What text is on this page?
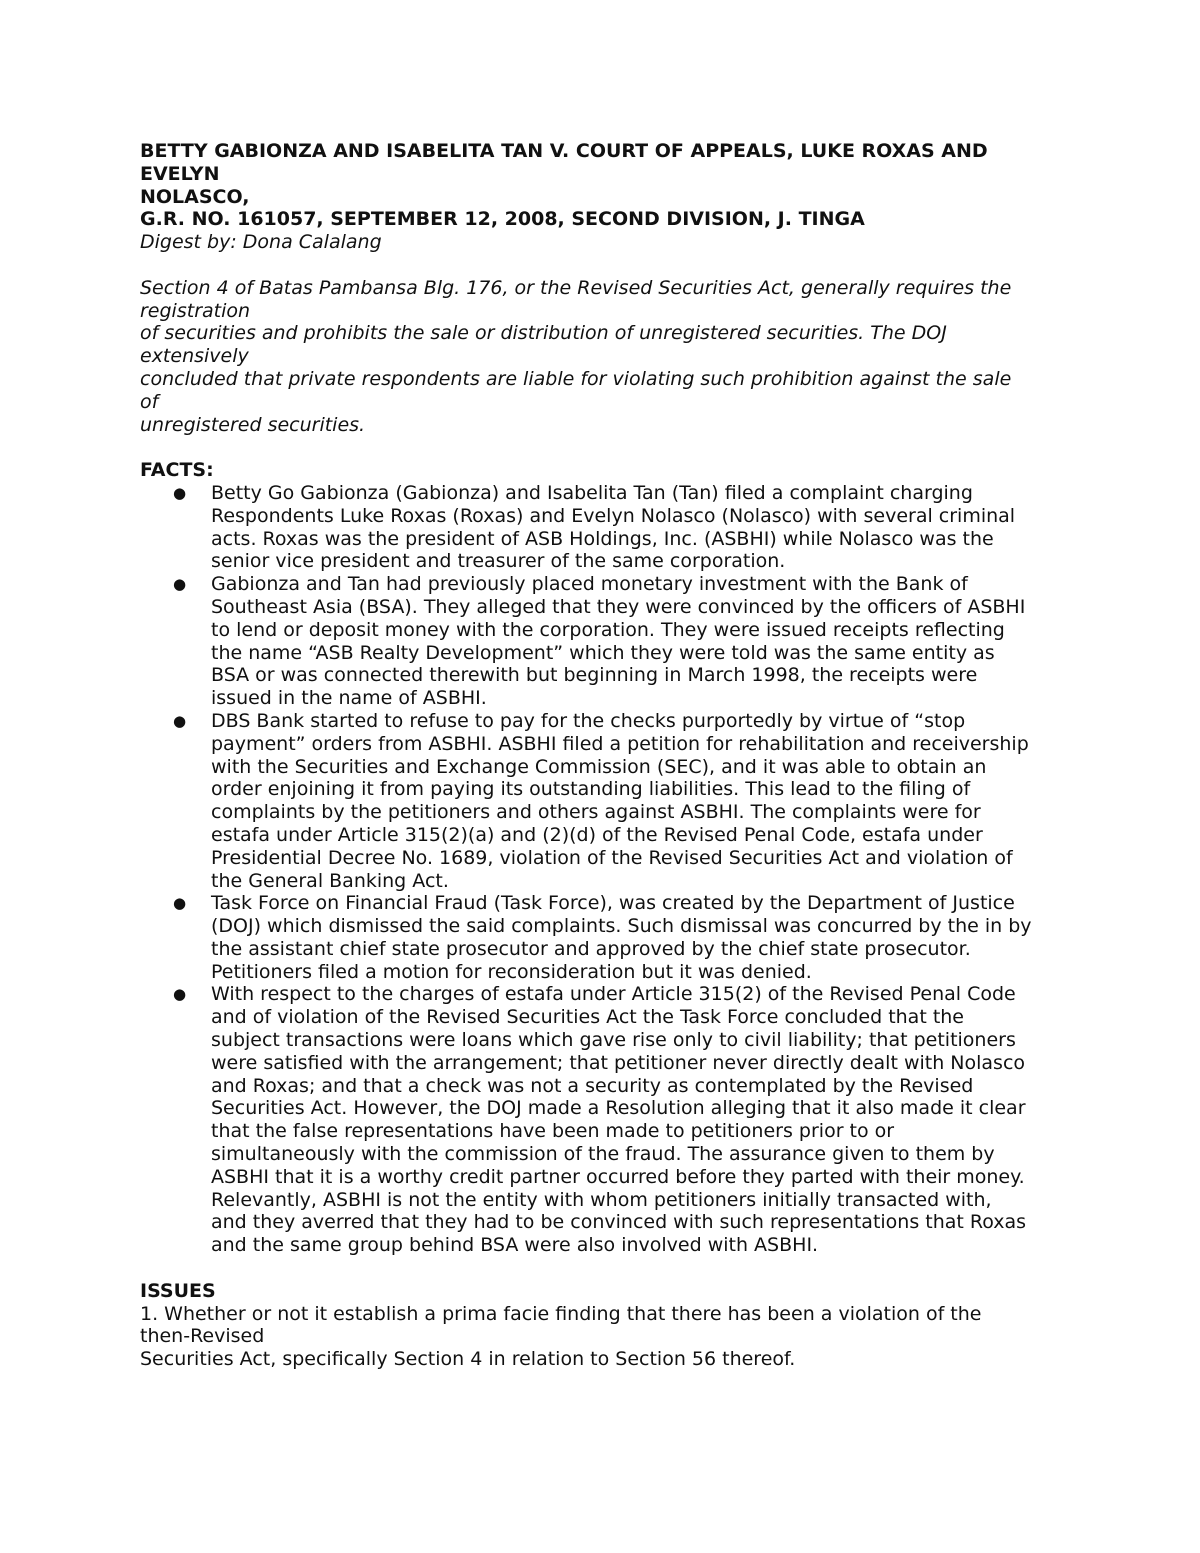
BETTY GABIONZA AND ISABELITA TAN V. COURT OF APPEALS, LUKE ROXAS AND
EVELYN
NOLASCO,
G.R. NO. 161057, SEPTEMBER 12, 2008, SECOND DIVISION, J. TINGA
Digest by: Dona Calalang
Section 4 of Batas Pambansa Blg. 176, or the Revised Securities Act, generally requires the
registration
of securities and prohibits the sale or distribution of unregistered securities. The DOJ
extensively
concluded that private respondents are liable for violating such prohibition against the sale
of
unregistered securities.
FACTS:
● Betty Go Gabionza (Gabionza) and Isabelita Tan (Tan) filed a complaint charging
Respondents Luke Roxas (Roxas) and Evelyn Nolasco (Nolasco) with several criminal
acts. Roxas was the president of ASB Holdings, Inc. (ASBHI) while Nolasco was the
senior vice president and treasurer of the same corporation.
● Gabionza and Tan had previously placed monetary investment with the Bank of
Southeast Asia (BSA). They alleged that they were convinced by the officers of ASBHI
to lend or deposit money with the corporation. They were issued receipts reflecting
the name “ASB Realty Development” which they were told was the same entity as
BSA or was connected therewith but beginning in March 1998, the receipts were
issued in the name of ASBHI.
● DBS Bank started to refuse to pay for the checks purportedly by virtue of “stop
payment” orders from ASBHI. ASBHI filed a petition for rehabilitation and receivership
with the Securities and Exchange Commission (SEC), and it was able to obtain an
order enjoining it from paying its outstanding liabilities. This lead to the filing of
complaints by the petitioners and others against ASBHI. The complaints were for
estafa under Article 315(2)(a) and (2)(d) of the Revised Penal Code, estafa under
Presidential Decree No. 1689, violation of the Revised Securities Act and violation of
the General Banking Act.
● Task Force on Financial Fraud (Task Force), was created by the Department of Justice
(DOJ) which dismissed the said complaints. Such dismissal was concurred by the in by
the assistant chief state prosecutor and approved by the chief state prosecutor.
Petitioners filed a motion for reconsideration but it was denied.
● With respect to the charges of estafa under Article 315(2) of the Revised Penal Code
and of violation of the Revised Securities Act the Task Force concluded that the
subject transactions were loans which gave rise only to civil liability; that petitioners
were satisfied with the arrangement; that petitioner never directly dealt with Nolasco
and Roxas; and that a check was not a security as contemplated by the Revised
Securities Act. However, the DOJ made a Resolution alleging that it also made it clear
that the false representations have been made to petitioners prior to or
simultaneously with the commission of the fraud. The assurance given to them by
ASBHI that it is a worthy credit partner occurred before they parted with their money.
Relevantly, ASBHI is not the entity with whom petitioners initially transacted with,
and they averred that they had to be convinced with such representations that Roxas
and the same group behind BSA were also involved with ASBHI.
ISSUES
1. Whether or not it establish a prima facie finding that there has been a violation of the
then-Revised
Securities Act, specifically Section 4 in relation to Section 56 thereof.
